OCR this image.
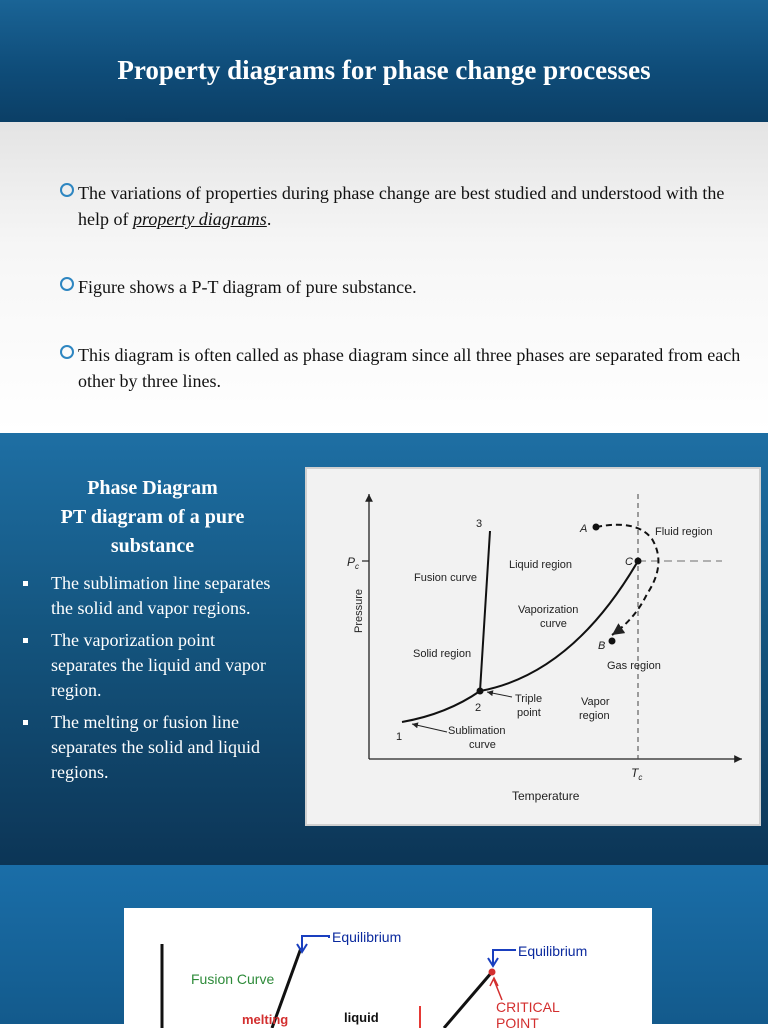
Property diagrams for phase change processes
The variations of properties during phase change are best studied and understood with the help of property diagrams.
Figure shows a P-T diagram of pure substance.
This diagram is often called as phase diagram since all three phases are separated from each other by three lines.
Phase Diagram
PT diagram of a pure
substance
The sublimation line separates the solid and vapor regions.
The vaporization point separates the liquid and vapor region.
The melting or fusion line separates the solid and liquid regions.
Pressure
Temperature
$P_c$
$T_c$
1
2
3	A
B
C
Fluid region
Liquid region
Fusion curve
Vaporization
curve
Solid region
Gas region
Triple
point
Vapor
region
Sublimation
curve
Equilibrium
Equilibrium
Fusion Curve
melting	liquid
CRITICAL
POINT
